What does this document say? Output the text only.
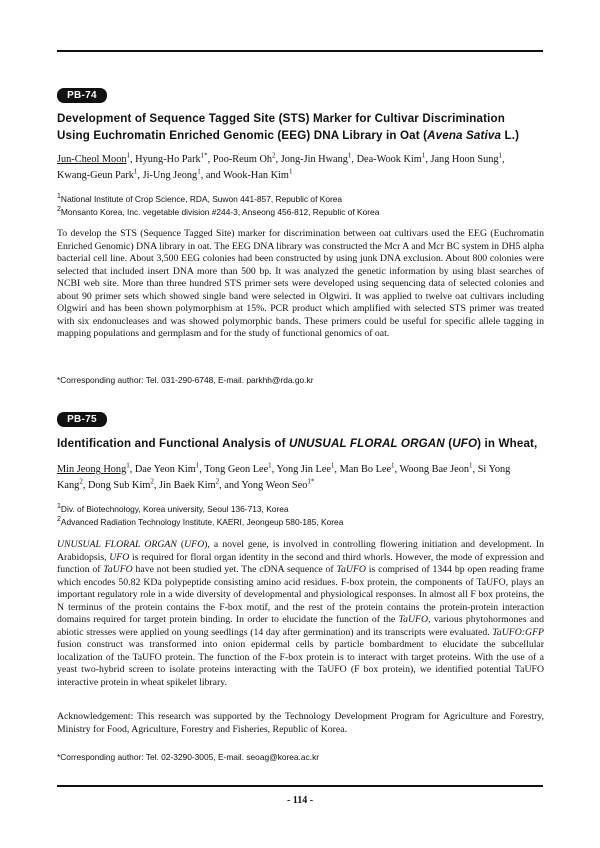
PB-74
Development of Sequence Tagged Site (STS) Marker for Cultivar Discrimination
Using Euchromatin Enriched Genomic (EEG) DNA Library in Oat (Avena Sativa L.)
Jun-Cheol Moon$^1$, Hyung-Ho Park$^{1*}$, Poo-Reum Oh$^2$, Jong-Jin Hwang$^1$, Dea-Wook Kim$^1$, Jang Hoon Sung$^1$,
Kwang-Geun Park$^1$, Ji-Ung Jeong$^1$, and Wook-Han Kim$^1$
$^1$National Institute of Crop Science, RDA, Suwon 441-857, Republic of Korea
$^2$Monsanto Korea, Inc. vegetable division #244-3, Anseong 456-812, Republic of Korea
To develop the STS (Sequence Tagged Site) marker for discrimination between oat cultivars used the EEG (Euchromatin Enriched Genomic) DNA library in oat. The EEG DNA library was constructed the Mcr A and Mcr BC system in DH5 alpha bacterial cell line. About 3,500 EEG colonies had been constructed by using junk DNA exclusion. About 800 colonies were selected that included insert DNA more than 500 bp. It was analyzed the genetic information by using blast searches of NCBI web site. More than three hundred STS primer sets were developed using sequencing data of selected colonies and about 90 primer sets which showed single band were selected in Olgwiri. It was applied to twelve oat cultivars including Olgwiri and has been shown polymorphism at 15%. PCR product which amplified with selected STS primer was treated with six endonucleases and was showed polymorphic bands. These primers could be useful for specific allele tagging in mapping populations and germplasm and for the study of functional genomics of oat.
*Corresponding author: Tel. 031-290-6748, E-mail. parkhh@rda.go.kr
PB-75
Identification and Functional Analysis of UNUSUAL FLORAL ORGAN (UFO) in Wheat,
Min Jeong Hong$^1$, Dae Yeon Kim$^1$, Tong Geon Lee$^1$, Yong Jin Lee$^1$, Man Bo Lee$^1$, Woong Bae Jeon$^1$, Si Yong
Kang$^2$, Dong Sub Kim$^2$, Jin Baek Kim$^2$, and Yong Weon Seo$^{1*}$
$^1$Div. of Biotechnology, Korea university, Seoul 136-713, Korea
$^2$Advanced Radiation Technology Institute, KAERI, Jeongeup 580-185, Korea
UNUSUAL FLORAL ORGAN (UFO), a novel gene, is involved in controlling flowering initiation and development. In Arabidopsis, UFO is required for floral organ identity in the second and third whorls. However, the mode of expression and function of TaUFO have not been studied yet. The cDNA sequence of TaUFO is comprised of 1344 bp open reading frame which encodes 50.82 KDa polypeptide consisting amino acid residues. F-box protein, the components of TaUFO, plays an important regulatory role in a wide diversity of developmental and physiological responses. In almost all F box proteins, the N terminus of the protein contains the F-box motif, and the rest of the protein contains the protein-protein interaction domains required for target protein binding. In order to elucidate the function of the TaUFO, various phytohormones and abiotic stresses were applied on young seedlings (14 day after germination) and its transcripts were evaluated. TaUFO:GFP fusion construct was transformed into onion epidermal cells by particle bombardment to elucidate the subcellular localization of the TaUFO protein. The function of the F-box protein is to interact with target proteins. With the use of a yeast two-hybrid screen to isolate proteins interacting with the TaUFO (F box protein), we identified potential TaUFO interactive protein in wheat spikelet library.
Acknowledgement: This research was supported by the Technology Development Program for Agriculture and Forestry, Ministry for Food, Agriculture, Forestry and Fisheries, Republic of Korea.
*Corresponding author: Tel. 02-3290-3005, E-mail. seoag@korea.ac.kr
- 114 -
